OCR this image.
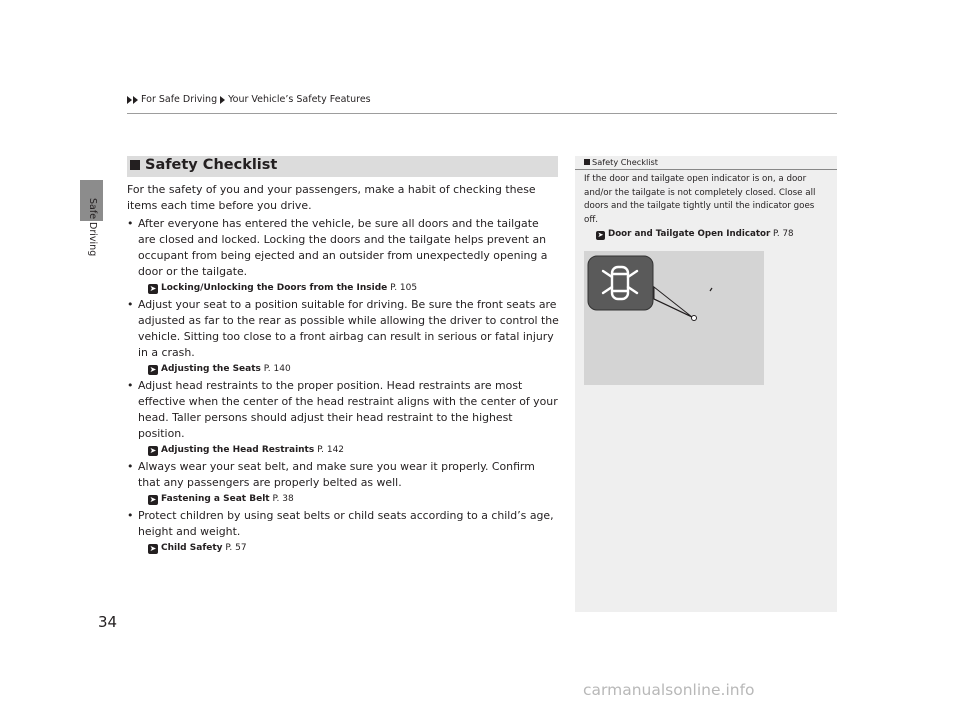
For Safe Driving Your Vehicle’s Safety Features
Safe Driving
Safety Checklist

For the safety of you and your passengers, make a habit of checking these items each time before you drive.

• After everyone has entered the vehicle, be sure all doors and the tailgate are closed and locked. Locking the doors and the tailgate helps prevent an occupant from being ejected and an outsider from unexpectedly opening a door or the tailgate.
➤ Locking/Unlocking the Doors from the Inside P. 105
• Adjust your seat to a position suitable for driving. Be sure the front seats are adjusted as far to the rear as possible while allowing the driver to control the vehicle. Sitting too close to a front airbag can result in serious or fatal injury in a crash.
➤ Adjusting the Seats P. 140
• Adjust head restraints to the proper position. Head restraints are most effective when the center of the head restraint aligns with the center of your head. Taller persons should adjust their head restraint to the highest position.
➤ Adjusting the Head Restraints P. 142
• Always wear your seat belt, and make sure you wear it properly. Confirm that any passengers are properly belted as well.
➤ Fastening a Seat Belt P. 38
• Protect children by using seat belts or child seats according to a child’s age, height and weight.
➤ Child Safety P. 57
Safety Checklist
If the door and tailgate open indicator is on, a door and/or the tailgate is not completely closed. Close all doors and the tailgate tightly until the indicator goes off.
➤ Door and Tailgate Open Indicator P. 78
34
carmanualsonline.info
